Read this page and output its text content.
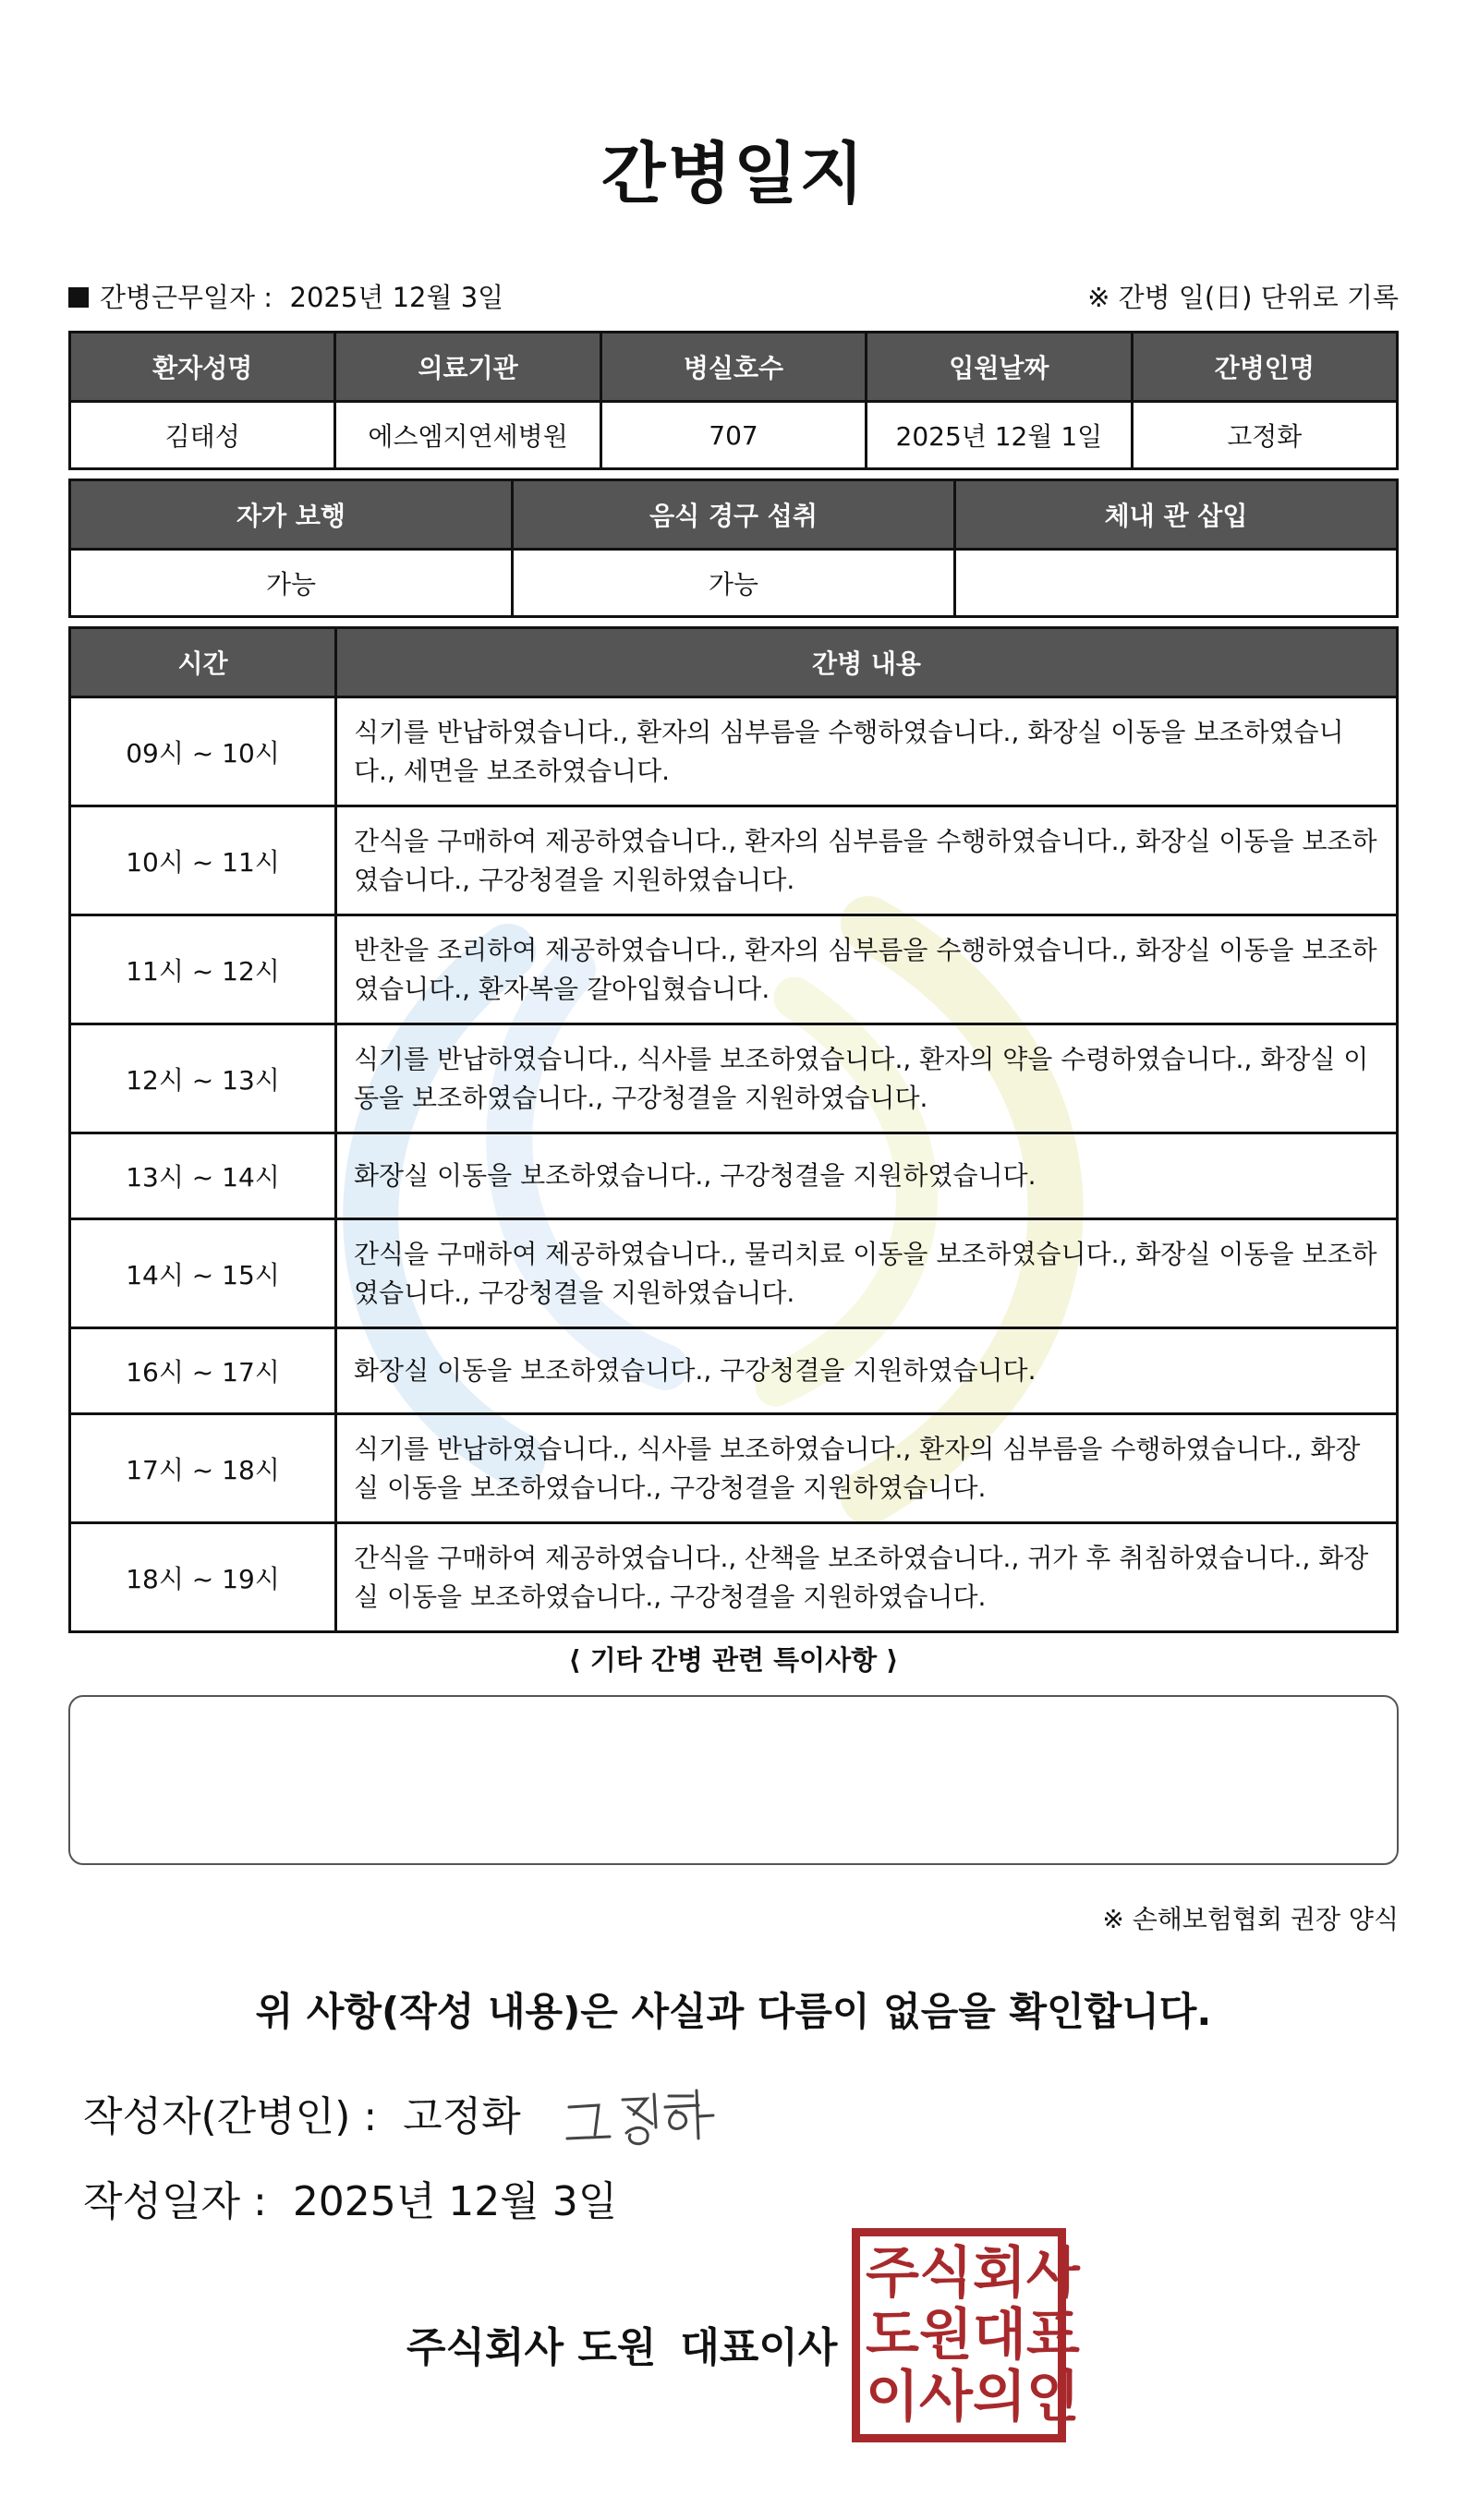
간병일지
간병근무일자 :  2025년 12월 3일	※ 간병 일(日) 단위로 기록
환자성명	의료기관	병실호수	입원날짜	간병인명
김태성	에스엠지연세병원	707	2025년 12월 1일	고정화
자가 보행	음식 경구 섭취	체내 관 삽입
가능	가능	
시간	간병 내용
09시 ~ 10시	식기를 반납하였습니다., 환자의 심부름을 수행하였습니다., 화장실 이동을 보조하였습니다., 세면을 보조하였습니다.
10시 ~ 11시	간식을 구매하여 제공하였습니다., 환자의 심부름을 수행하였습니다., 화장실 이동을 보조하였습니다., 구강청결을 지원하였습니다.
11시 ~ 12시	반찬을 조리하여 제공하였습니다., 환자의 심부름을 수행하였습니다., 화장실 이동을 보조하였습니다., 환자복을 갈아입혔습니다.
12시 ~ 13시	식기를 반납하였습니다., 식사를 보조하였습니다., 환자의 약을 수령하였습니다., 화장실 이동을 보조하였습니다., 구강청결을 지원하였습니다.
13시 ~ 14시	화장실 이동을 보조하였습니다., 구강청결을 지원하였습니다.
14시 ~ 15시	간식을 구매하여 제공하였습니다., 물리치료 이동을 보조하였습니다., 화장실 이동을 보조하였습니다., 구강청결을 지원하였습니다.
16시 ~ 17시	화장실 이동을 보조하였습니다., 구강청결을 지원하였습니다.
17시 ~ 18시	식기를 반납하였습니다., 식사를 보조하였습니다., 환자의 심부름을 수행하였습니다., 화장실 이동을 보조하였습니다., 구강청결을 지원하였습니다.
18시 ~ 19시	간식을 구매하여 제공하였습니다., 산책을 보조하였습니다., 귀가 후 취침하였습니다., 화장실 이동을 보조하였습니다., 구강청결을 지원하였습니다.
⟨ 기타 간병 관련 특이사항 ⟩
※ 손해보험협회 권장 양식
위 사항(작성 내용)은 사실과 다름이 없음을 확인합니다.
작성자(간병인) : 고정화
작성일자 : 2025년 12월 3일
주식회사 도원 대표이사
주 식 회 사
도 원 대 표
이 사 의 인
